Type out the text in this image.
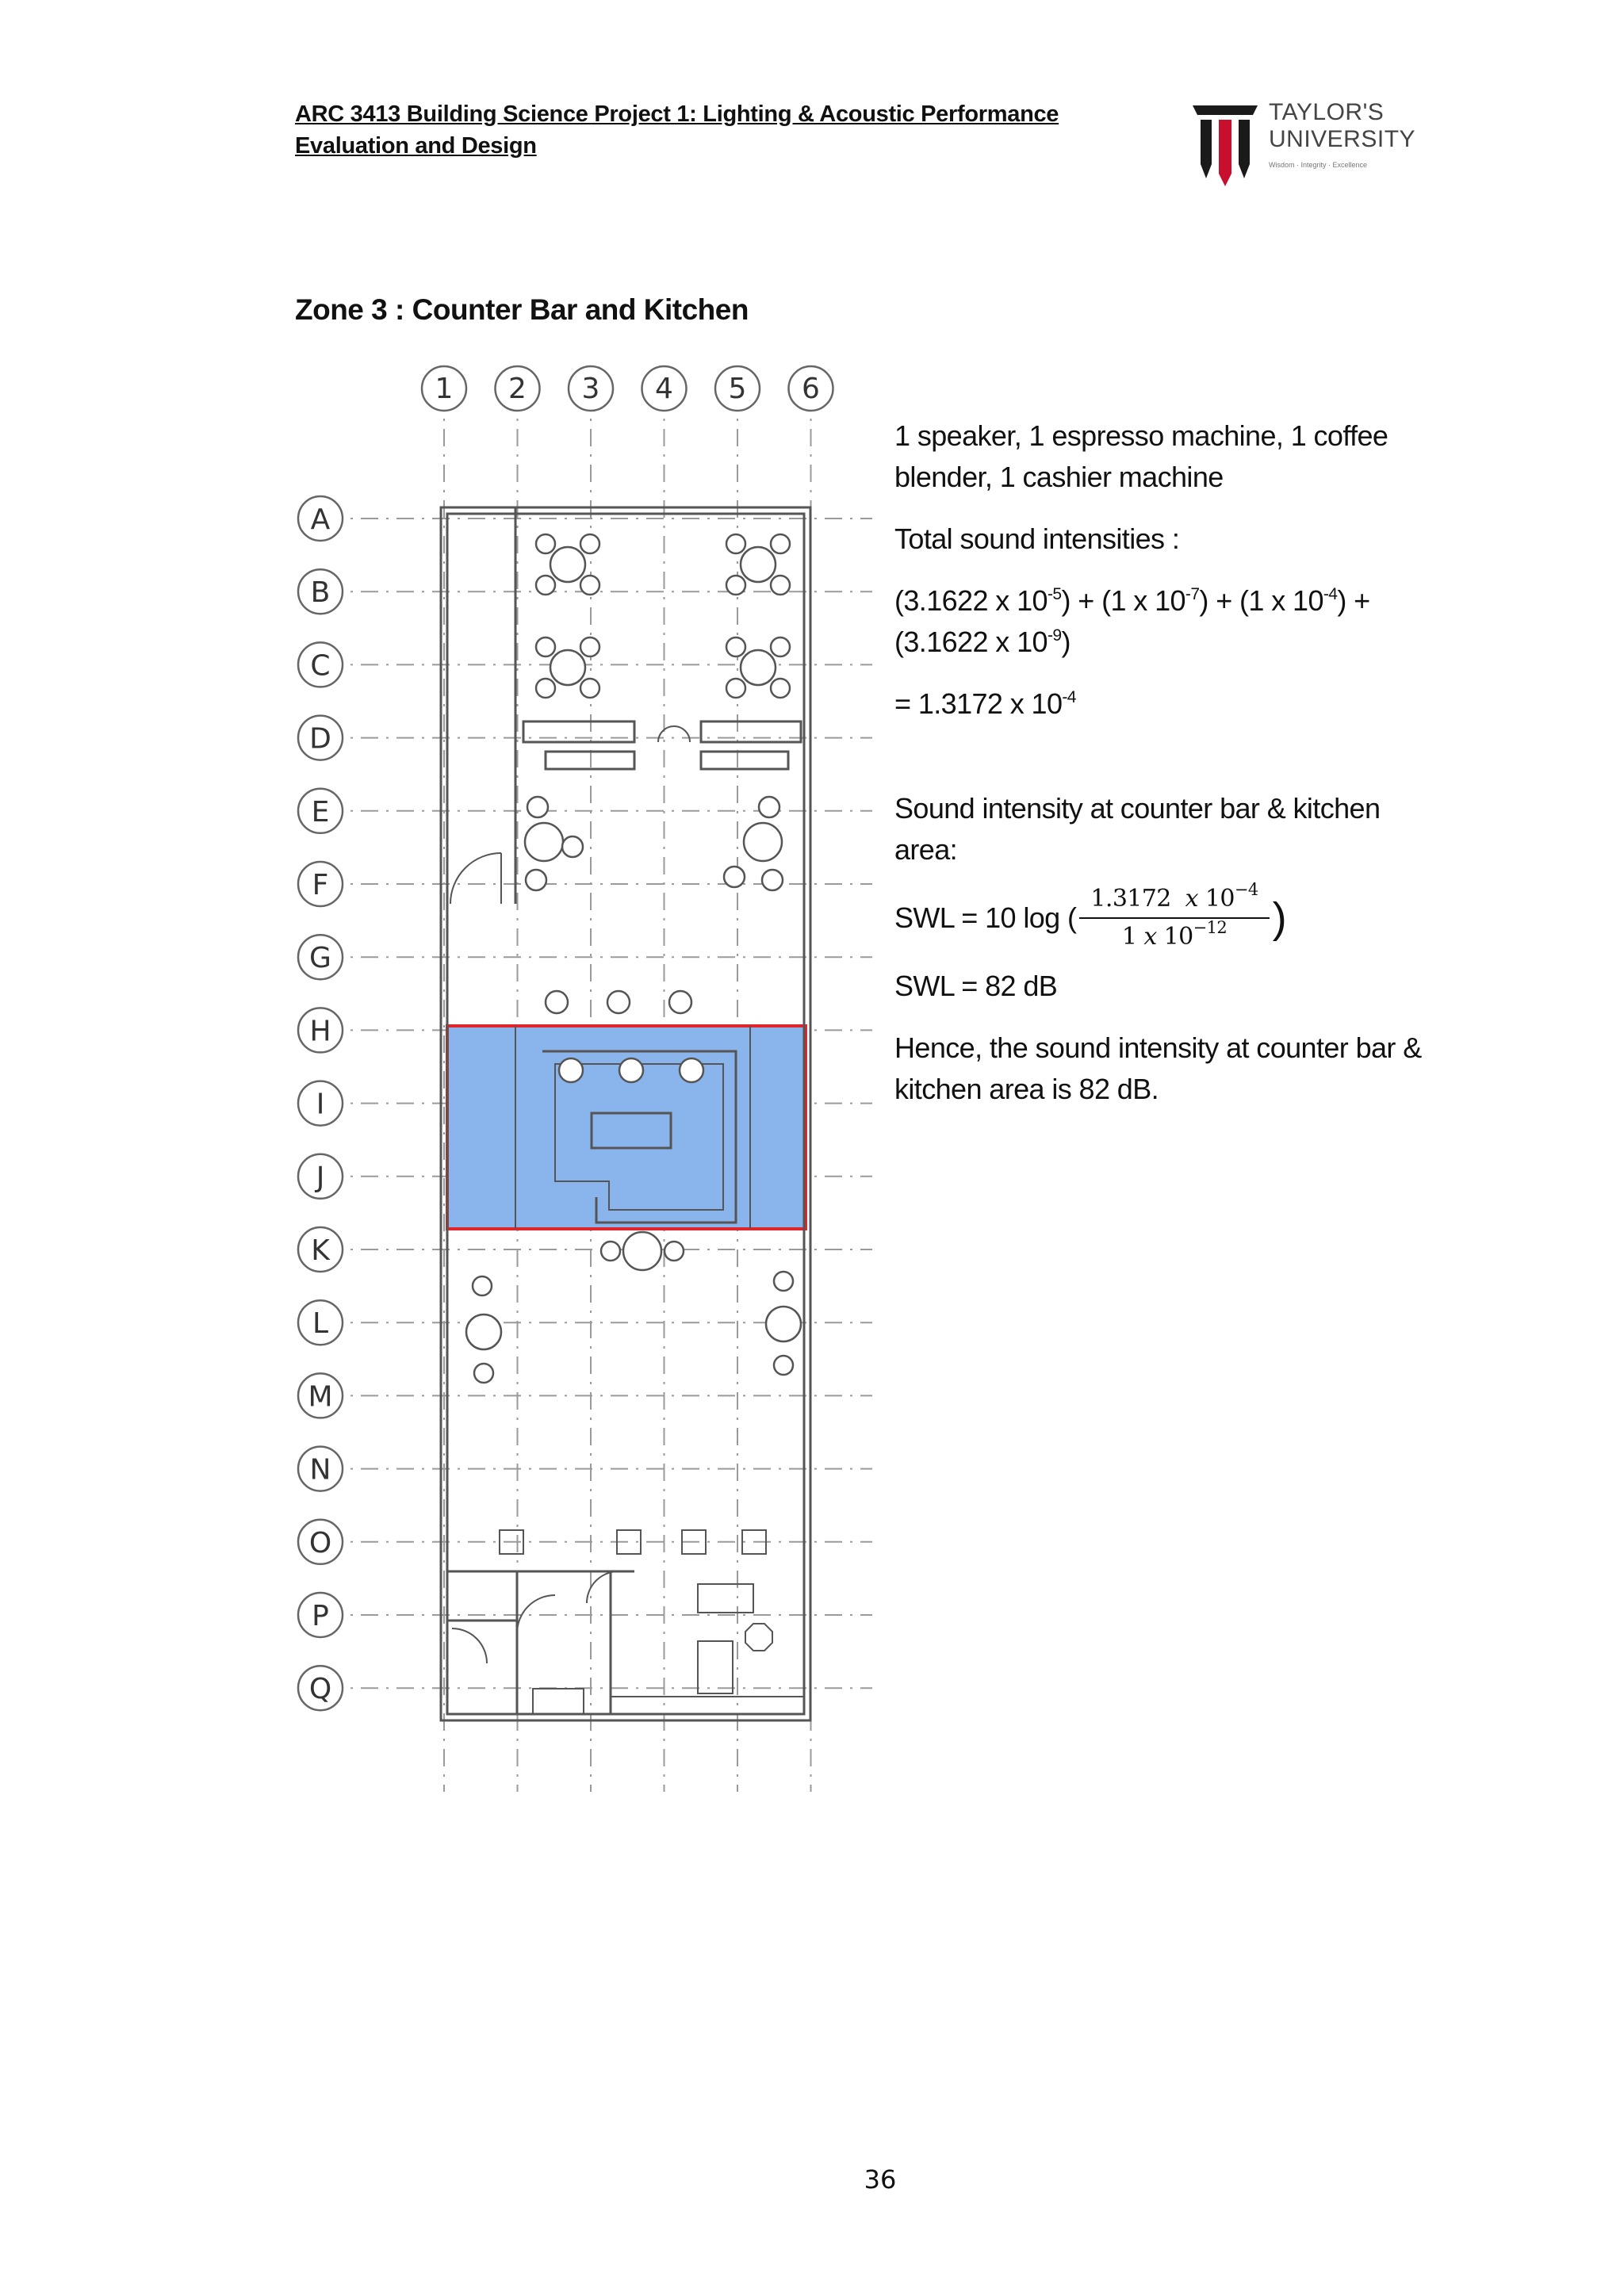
ARC 3413 Building Science Project 1: Lighting & Acoustic Performance
Evaluation and Design
TAYLOR'S
UNIVERSITY
Wisdom · Integrity · Excellence
Zone 3 : Counter Bar and Kitchen
1 2 3 4 5 6
A
B
C
D
E
F
G
H
I
J
K
L
M
N
O
P
Q

1 speaker, 1 espresso machine, 1 coffee blender, 1 cashier machine

Total sound intensities :

(3.1622 x $10^{-5}) + (1$ x $10^{-7}) + (1$ x $10^{-4}) + (3.1622$ x $10^{-9}$)

= 1.3172 x $10^{-4}$

Sound intensity at counter bar & kitchen area:

SWL = 10 log ( $\frac{1.3172 x 10^{-4}}{1 x 10^{-12}}$ )

SWL = 82 dB

Hence, the sound intensity at counter bar & kitchen area is 82 dB.

36
